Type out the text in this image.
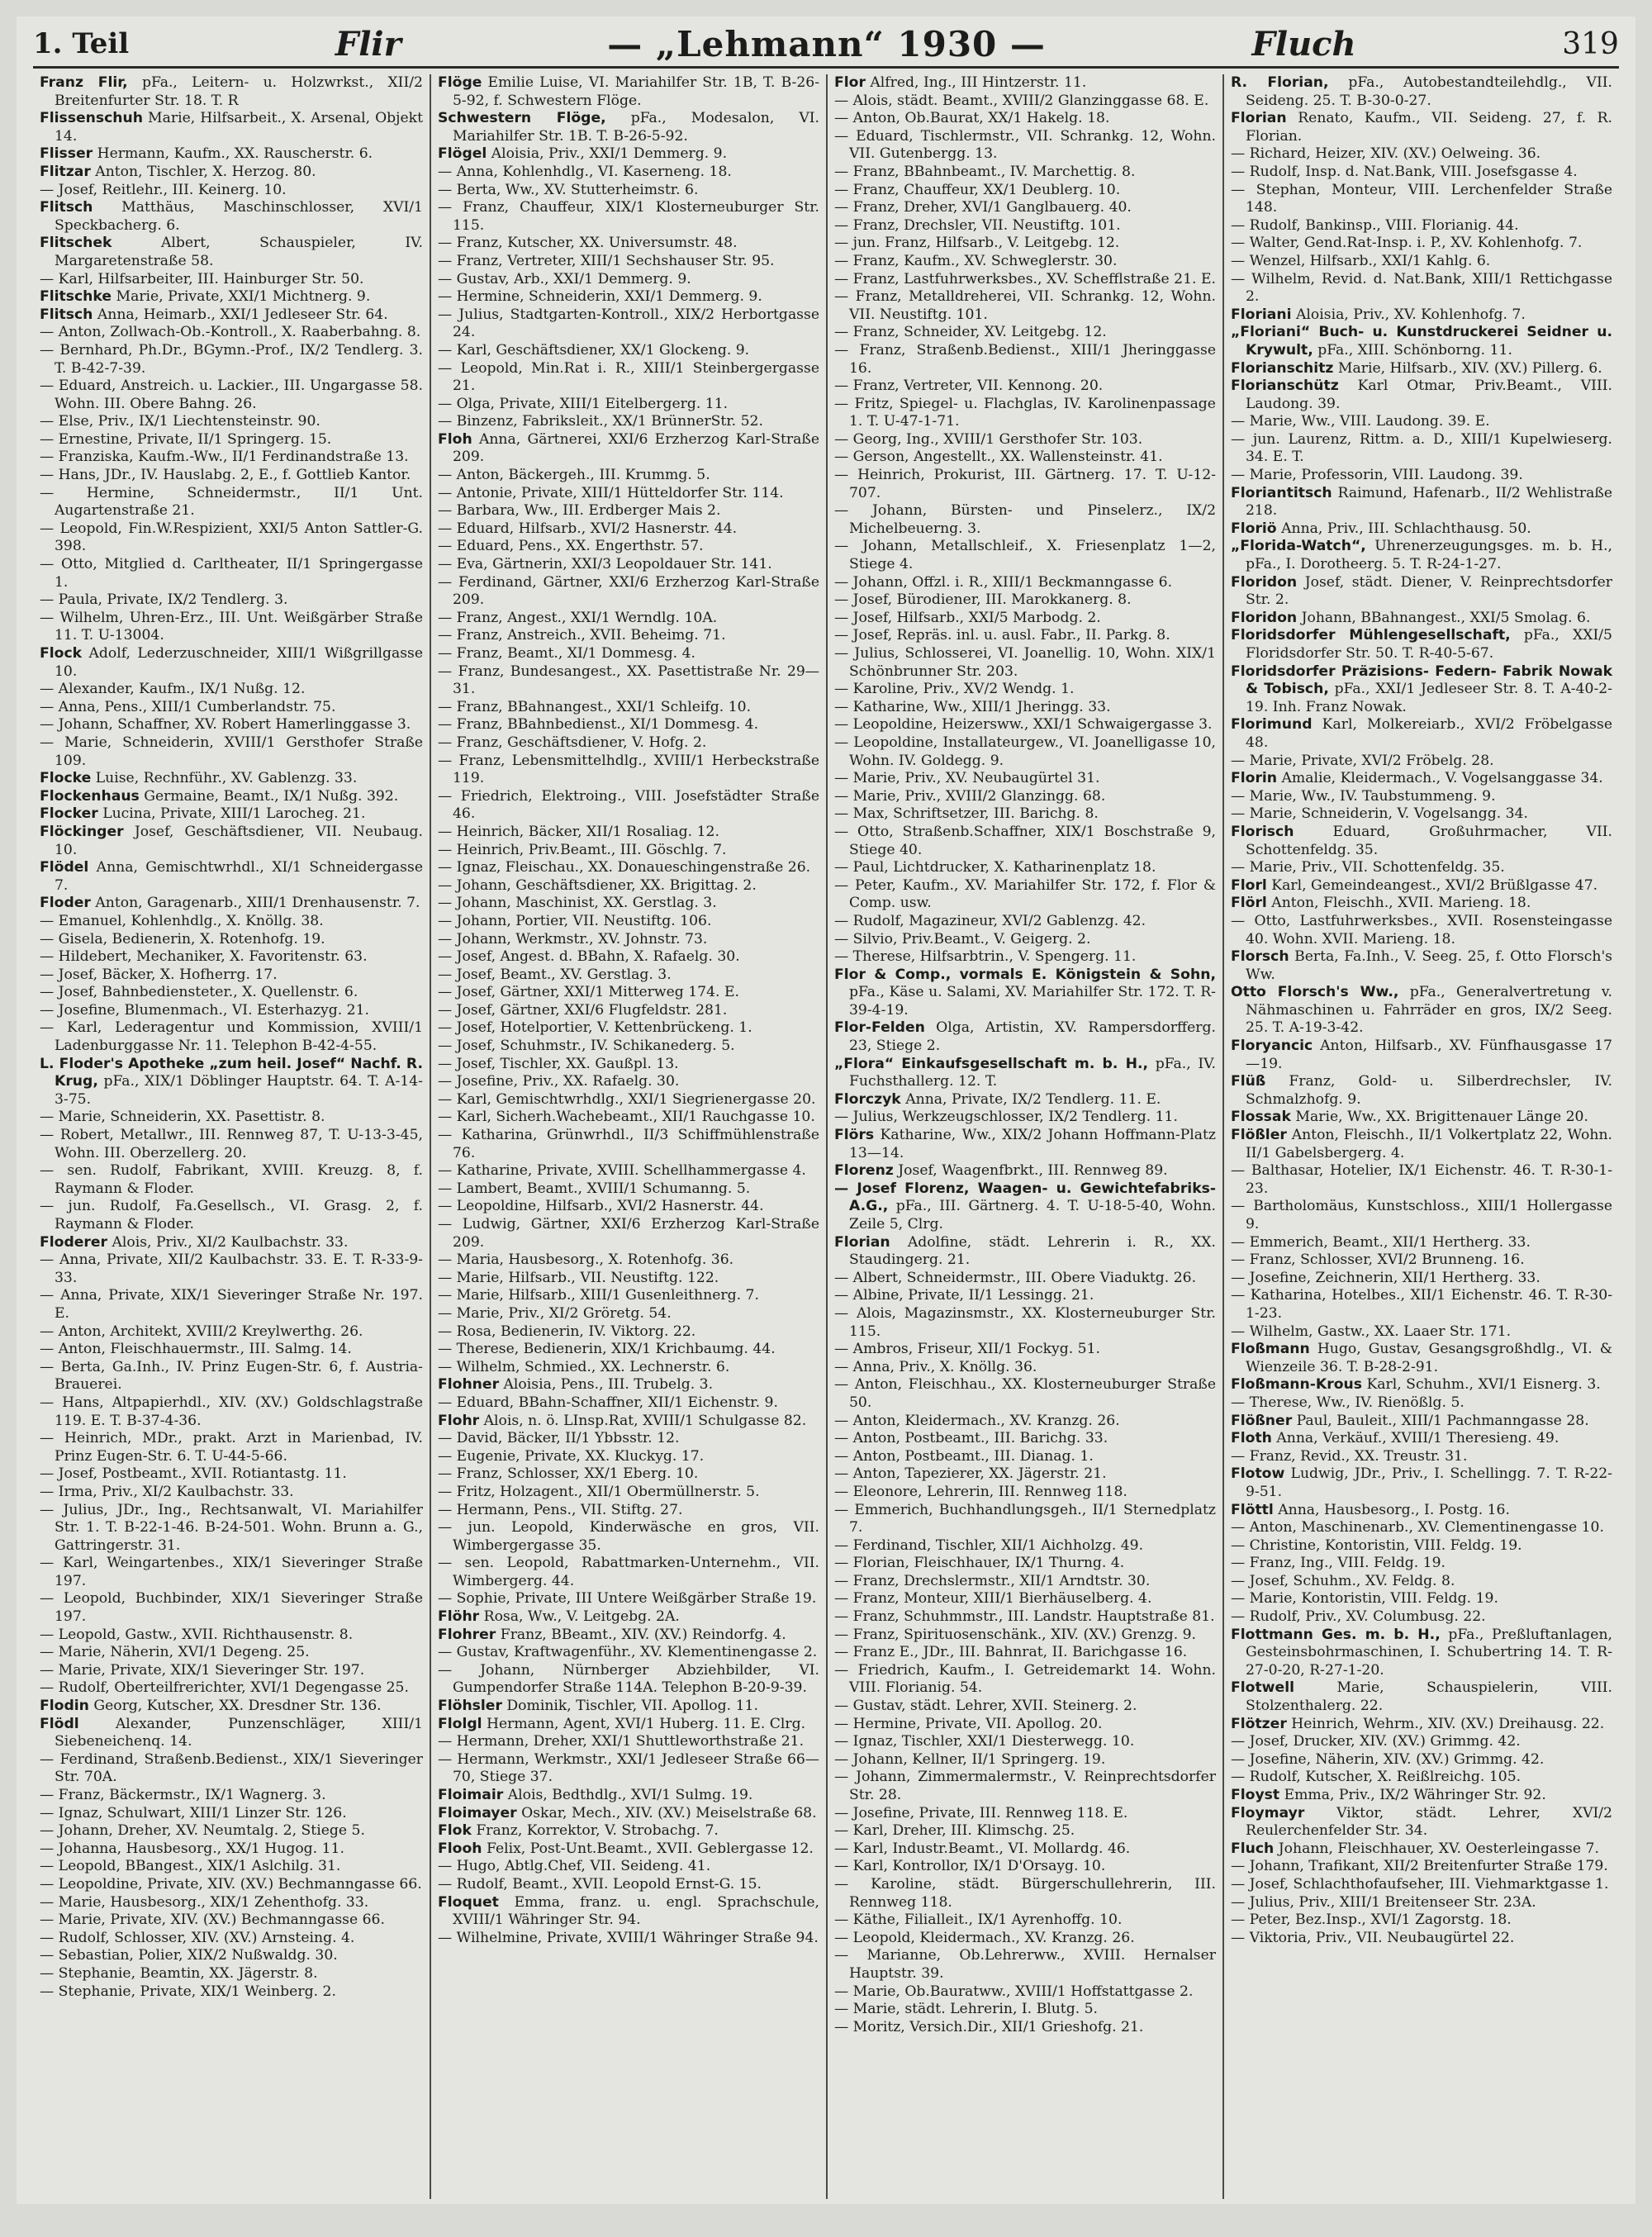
1. Teil	Flir	— „Lehmann“ 1930 —	Fluch	319

Franz Flir, pFa., Leitern- u. Holzwrkst., XII/2 Breitenfurter Str. 18. T. R

Flissenschuh Marie, Hilfsarbeit., X. Arsenal, Objekt 14.

Flisser Hermann, Kaufm., XX. Rauscherstr. 6.

Flitzar Anton, Tischler, X. Herzog. 80.

— Josef, Reitlehr., III. Keinerg. 10.

Flitsch Matthäus, Maschinschlosser, XVI/1 Speckbacherg. 6.

Flitschek	Albert, Schauspieler, IV. Margaretenstraße 58.

— Karl, Hilfsarbeiter, III. Hainburger Str. 50.

Flitschke Marie, Private, XXI/1 Michtnerg. 9.

Flitsch Anna, Heimarb., XXI/1 Jedleseer Str. 64.

— Anton, Zollwach-Ob.-Kontroll., X. Raaberbahng. 8.

— Bernhard, Ph.Dr., BGymn.-Prof., IX/2 Tendlerg. 3. T. B-42-7-39.

— Eduard, Anstreich. u. Lackier., III. Ungargasse 58. Wohn. III. Obere Bahng. 26.

— Else, Priv., IX/1 Liechtensteinstr. 90.

— Ernestine, Private, II/1 Springerg. 15.

— Franziska, Kaufm.-Ww., II/1 Ferdinandstraße 13.

— Hans, JDr., IV. Hauslabg. 2, E., f. Gottlieb Kantor.

— Hermine, Schneidermstr., II/1 Unt. Augartenstraße 21.

— Leopold, Fin.W.Respizient, XXI/5 Anton Sattler-G. 398.

— Otto, Mitglied d. Carltheater, II/1 Springergasse 1.

— Paula, Private, IX/2 Tendlerg. 3.

— Wilhelm, Uhren-Erz., III. Unt. Weißgärber Straße 11. T. U-13004.

Flock Adolf, Lederzuschneider, XIII/1 Wißgrillgasse 10.

— Alexander, Kaufm., IX/1 Nußg. 12.

— Anna, Pens., XIII/1 Cumberlandstr. 75.

— Johann, Schaffner, XV. Robert Hamerlinggasse 3.

— Marie, Schneiderin, XVIII/1 Gersthofer Straße 109.

Flocke Luise, Rechnführ., XV. Gablenzg. 33.

Flockenhaus Germaine, Beamt., IX/1 Nußg. 392.

Flocker Lucina, Private, XIII/1 Larocheg. 21.

Flöckinger Josef, Geschäftsdiener, VII. Neubaug. 10.

Flödel Anna, Gemischtwrhdl., XI/1 Schneidergasse 7.

Floder Anton, Garagenarb., XIII/1 Drenhausenstr. 7.

— Emanuel, Kohlenhdlg., X. Knöllg. 38.

— Gisela, Bedienerin, X. Rotenhofg. 19.

— Hildebert, Mechaniker, X. Favoritenstr. 63.

— Josef, Bäcker, X. Hofherrg. 17.

— Josef, Bahnbediensteter., X. Quellenstr. 6.

— Josefine, Blumenmach., VI. Esterhazyg. 21.

— Karl, Lederagentur und Kommission, XVIII/1 Ladenburggasse Nr. 11. Telephon B-42-4-55.

L. Floder's Apotheke „zum heil. Josef“ Nachf. R. Krug, pFa., XIX/1 Döblinger Hauptstr. 64. T. A-14-3-75.

— Marie, Schneiderin, XX. Pasettistr. 8.

— Robert, Metallwr., III. Rennweg 87, T. U-13-3-45, Wohn. III. Oberzellerg. 20.

— sen. Rudolf, Fabrikant, XVIII. Kreuzg. 8, f. Raymann & Floder.

— jun. Rudolf, Fa.Gesellsch., VI. Grasg. 2, f. Raymann & Floder.

Floderer Alois, Priv., XI/2 Kaulbachstr. 33.

— Anna, Private, XII/2 Kaulbachstr. 33. E. T. R-33-9-33.

— Anna, Private, XIX/1 Sieveringer Straße Nr. 197. E.

— Anton, Architekt, XVIII/2 Kreylwerthg. 26.

— Anton, Fleischhauermstr., III. Salmg. 14.

— Berta, Ga.Inh., IV. Prinz Eugen-Str. 6, f. Austria-Brauerei.

— Hans, Altpapierhdl., XIV. (XV.) Goldschlagstraße 119. E. T. B-37-4-36.

— Heinrich, MDr., prakt. Arzt in Marienbad, IV. Prinz Eugen-Str. 6. T. U-44-5-66.

— Josef, Postbeamt., XVII. Rotiantastg. 11.

— Irma, Priv., XI/2 Kaulbachstr. 33.

— Julius, JDr., Ing., Rechtsanwalt, VI. Mariahilfer Str. 1. T. B-22-1-46. B-24-501. Wohn. Brunn a. G., Gattringerstr. 31.

— Karl, Weingartenbes., XIX/1 Sieveringer Straße 197.

— Leopold, Buchbinder, XIX/1 Sieveringer Straße 197.

— Leopold, Gastw., XVII. Richthausenstr. 8.

— Marie, Näherin, XVI/1 Degeng. 25.

— Marie, Private, XIX/1 Sieveringer Str. 197.

— Rudolf, Oberteilfrerichter, XVI/1 Degengasse 25.

Flodin Georg, Kutscher, XX. Dresdner Str. 136.

Flödl	Alexander, Punzenschläger, XIII/1 Siebeneichenq. 14.

— Ferdinand, Straßenb.Bedienst., XIX/1 Sieveringer Str. 70A.

— Franz, Bäckermstr., IX/1 Wagnerg. 3.

— Ignaz, Schulwart, XIII/1 Linzer Str. 126.

— Johann, Dreher, XV. Neumtalg. 2, Stiege 5.

— Johanna, Hausbesorg., XX/1 Hugog. 11.

— Leopold, BBangest., XIX/1 Aslchilg. 31.

— Leopoldine, Private, XIV. (XV.) Bechmanngasse 66.

— Marie, Hausbesorg., XIX/1 Zehenthofg. 33.

— Marie, Private, XIV. (XV.) Bechmanngasse 66.

— Rudolf, Schlosser, XIV. (XV.) Arnsteing. 4.

— Sebastian, Polier, XIX/2 Nußwaldg. 30.

— Stephanie, Beamtin, XX. Jägerstr. 8.

— Stephanie, Private, XIX/1 Weinberg. 2.

Flöge Emilie Luise, VI. Mariahilfer Str. 1B, T. B-26-5-92, f. Schwestern Flöge.

Schwestern Flöge, pFa., Modesalon, VI. Mariahilfer Str. 1B. T. B-26-5-92.

Flögel Aloisia, Priv., XXI/1 Demmerg. 9.

— Anna, Kohlenhdlg., VI. Kaserneng. 18.

— Berta, Ww., XV. Stutterheimstr. 6.

— Franz, Chauffeur, XIX/1 Klosterneuburger Str. 115.

— Franz, Kutscher, XX. Universumstr. 48.

— Franz, Vertreter, XIII/1 Sechshauser Str. 95.

— Gustav, Arb., XXI/1 Demmerg. 9.

— Hermine, Schneiderin, XXI/1 Demmerg. 9.

— Julius, Stadtgarten-Kontroll., XIX/2 Herbortgasse 24.

— Karl, Geschäftsdiener, XX/1 Glockeng. 9.

— Leopold, Min.Rat i. R., XIII/1 Steinbergergasse 21.

— Olga, Private, XIII/1 Eitelbergerg. 11.

— Binzenz, Fabriksleit., XX/1 BrünnerStr. 52.

Floh Anna, Gärtnerei, XXI/6 Erzherzog Karl-Straße 209.

— Anton, Bäckergeh., III. Krummg. 5.

— Antonie, Private, XIII/1 Hütteldorfer Str. 114.

— Barbara, Ww., III. Erdberger Mais 2.

— Eduard, Hilfsarb., XVI/2 Hasnerstr. 44.

— Eduard, Pens., XX. Engerthstr. 57.

— Eva, Gärtnerin, XXI/3 Leopoldauer Str. 141.

— Ferdinand, Gärtner, XXI/6 Erzherzog Karl-Straße 209.

— Franz, Angest., XXI/1 Werndlg. 10A.

— Franz, Anstreich., XVII. Beheimg. 71.

— Franz, Beamt., XI/1 Dommesg. 4.

— Franz, Bundesangest., XX. Pasettistraße Nr. 29—31.

— Franz, BBahnangest., XXI/1 Schleifg. 10.

— Franz, BBahnbedienst., XI/1 Dommesg. 4.

— Franz, Geschäftsdiener, V. Hofg. 2.

— Franz, Lebensmittelhdlg., XVIII/1 Herbeckstraße 119.

— Friedrich, Elektroing., VIII. Josefstädter Straße 46.

— Heinrich, Bäcker, XII/1 Rosaliag. 12.

— Heinrich, Priv.Beamt., III. Göschlg. 7.

— Ignaz, Fleischau., XX. Donaueschingenstraße 26.

— Johann, Geschäftsdiener, XX. Brigittag. 2.

— Johann, Maschinist, XX. Gerstlag. 3.

— Johann, Portier, VII. Neustiftg. 106.

— Johann, Werkmstr., XV. Johnstr. 73.

— Josef, Angest. d. BBahn, X. Rafaelg. 30.

— Josef, Beamt., XV. Gerstlag. 3.

— Josef, Gärtner, XXI/1 Mitterweg 174. E.

— Josef, Gärtner, XXI/6 Flugfeldstr. 281.

— Josef, Hotelportier, V. Kettenbrückeng. 1.

— Josef, Schuhmstr., IV. Schikanederg. 5.

— Josef, Tischler, XX. Gaußpl. 13.

— Josefine, Priv., XX. Rafaelg. 30.

— Karl, Gemischtwrhdlg., XXI/1 Siegrienergasse 20.

— Karl, Sicherh.Wachebeamt., XII/1 Rauchgasse 10.

— Katharina, Grünwrhdl., II/3 Schiffmühlenstraße 76.

— Katharine, Private, XVIII. Schellhammergasse 4.

— Lambert, Beamt., XVIII/1 Schumanng. 5.

— Leopoldine, Hilfsarb., XVI/2 Hasnerstr. 44.

— Ludwig, Gärtner, XXI/6 Erzherzog Karl-Straße 209.

— Maria, Hausbesorg., X. Rotenhofg. 36.

— Marie, Hilfsarb., VII. Neustiftg. 122.

— Marie, Hilfsarb., XIII/1 Gusenleithnerg. 7.

— Marie, Priv., XI/2 Gröretg. 54.

— Rosa, Bedienerin, IV. Viktorg. 22.

— Therese, Bedienerin, XIX/1 Krichbaumg. 44.

— Wilhelm, Schmied., XX. Lechnerstr. 6.

Flohner Aloisia, Pens., III. Trubelg. 3.

— Eduard, BBahn-Schaffner, XII/1 Eichenstr. 9.

Flohr Alois, n. ö. LInsp.Rat, XVIII/1 Schulgasse 82.

— David, Bäcker, II/1 Ybbsstr. 12.

— Eugenie, Private, XX. Kluckyg. 17.

— Franz, Schlosser, XX/1 Eberg. 10.

— Fritz, Holzagent., XII/1 Obermüllnerstr. 5.

— Hermann, Pens., VII. Stiftg. 27.

— jun. Leopold, Kinderwäsche en gros, VII. Wimbergergasse 35.

— sen. Leopold, Rabattmarken-Unternehm., VII. Wimbergerg. 44.

— Sophie, Private, III Untere Weißgärber Straße 19.

Flöhr Rosa, Ww., V. Leitgebg. 2A.

Flohrer Franz, BBeamt., XIV. (XV.) Reindorfg. 4.

— Gustav, Kraftwagenführ., XV. Klementinengasse 2.

— Johann, Nürnberger Abziehbilder, VI. Gumpendorfer Straße 114A. Telephon B-20-9-39.

Flöhsler Dominik, Tischler, VII. Apollog. 11.

Flolgl Hermann, Agent, XVI/1 Huberg. 11. E. Clrg.

— Hermann, Dreher, XXI/1 Shuttleworthstraße 21.

— Hermann, Werkmstr., XXI/1 Jedleseer Straße 66—70, Stiege 37.

Floimair Alois, Bedthdlg., XVI/1 Sulmg. 19.

Floimayer Oskar, Mech., XIV. (XV.) Meiselstraße 68.

Flok Franz, Korrektor, V. Strobachg. 7.

Flooh Felix, Post-Unt.Beamt., XVII. Geblergasse 12.

— Hugo, Abtlg.Chef, VII. Seideng. 41.

— Rudolf, Beamt., XVII. Leopold Ernst-G. 15.

Floquet Emma, franz. u. engl. Sprachschule, XVIII/1 Währinger Str. 94.

— Wilhelmine, Private, XVIII/1 Währinger Straße 94.

Flor Alfred, Ing., III Hintzerstr. 11.

— Alois, städt. Beamt., XVIII/2 Glanzinggasse 68. E.

— Anton, Ob.Baurat, XX/1 Hakelg. 18.

— Eduard, Tischlermstr., VII. Schrankg. 12, Wohn. VII. Gutenbergg. 13.

— Franz, BBahnbeamt., IV. Marchettig. 8.

— Franz, Chauffeur, XX/1 Deublerg. 10.

— Franz, Dreher, XVI/1 Ganglbauerg. 40.

— Franz, Drechsler, VII. Neustiftg. 101.

— jun. Franz, Hilfsarb., V. Leitgebg. 12.

— Franz, Kaufm., XV. Schweglerstr. 30.

— Franz, Lastfuhrwerksbes., XV. Schefflstraße 21. E.

— Franz, Metalldreherei, VII. Schrankg. 12, Wohn. VII. Neustiftg. 101.

— Franz, Schneider, XV. Leitgebg. 12.

— Franz, Straßenb.Bedienst., XIII/1 Jheringgasse 16.

— Franz, Vertreter, VII. Kennong. 20.

— Fritz, Spiegel- u. Flachglas, IV. Karolinenpassage 1. T. U-47-1-71.

— Georg, Ing., XVIII/1 Gersthofer Str. 103.

— Gerson, Angestellt., XX. Wallensteinstr. 41.

— Heinrich, Prokurist, III. Gärtnerg. 17. T. U-12-707.

— Johann, Bürsten- und Pinselerz., IX/2 Michelbeuerng. 3.

— Johann, Metallschleif., X. Friesenplatz 1—2, Stiege 4.

— Johann, Offzl. i. R., XIII/1 Beckmanngasse 6.

— Josef, Bürodiener, III. Marokkanerg. 8.

— Josef, Hilfsarb., XXI/5 Marbodg. 2.

— Josef, Repräs. inl. u. ausl. Fabr., II. Parkg. 8.

— Julius, Schlosserei, VI. Joanellig. 10, Wohn. XIX/1 Schönbrunner Str. 203.

— Karoline, Priv., XV/2 Wendg. 1.

— Katharine, Ww., XIII/1 Jheringg. 33.

— Leopoldine, Heizersww., XXI/1 Schwaigergasse 3.

— Leopoldine, Installateurgew., VI. Joanelligasse 10, Wohn. IV. Goldegg. 9.

— Marie, Priv., XV. Neubaugürtel 31.

— Marie, Priv., XVIII/2 Glanzingg. 68.

— Max, Schriftsetzer, III. Barichg. 8.

— Otto, Straßenb.Schaffner, XIX/1 Boschstraße 9, Stiege 40.

— Paul, Lichtdrucker, X. Katharinenplatz 18.

— Peter, Kaufm., XV. Mariahilfer Str. 172, f. Flor & Comp. usw.

— Rudolf, Magazineur, XVI/2 Gablenzg. 42.

— Silvio, Priv.Beamt., V. Geigerg. 2.

— Therese, Hilfsarbtrin., V. Spengerg. 11.

Flor & Comp., vormals E. Königstein & Sohn, pFa., Käse u. Salami, XV. Mariahilfer Str. 172. T. R-39-4-19.

Flor-Felden Olga, Artistin, XV. Rampersdorfferg. 23, Stiege 2.

„Flora“ Einkaufsgesellschaft m. b. H., pFa., IV. Fuchsthallerg. 12. T.

Florczyk Anna, Private, IX/2 Tendlerg. 11. E.

— Julius, Werkzeugschlosser, IX/2 Tendlerg. 11.

Flörs Katharine, Ww., XIX/2 Johann Hoffmann-Platz 13—14.

Florenz Josef, Waagenfbrkt., III. Rennweg 89.

— Josef Florenz, Waagen- u. Gewichtefabriks-A.G., pFa., III. Gärtnerg. 4. T. U-18-5-40, Wohn. Zeile 5, Clrg.

Florian Adolfine, städt. Lehrerin i. R., XX. Staudingerg. 21.

— Albert, Schneidermstr., III. Obere Viaduktg. 26.

— Albine, Private, II/1 Lessingg. 21.

— Alois, Magazinsmstr., XX. Klosterneuburger Str. 115.

— Ambros, Friseur, XII/1 Fockyg. 51.

— Anna, Priv., X. Knöllg. 36.

— Anton, Fleischhau., XX. Klosterneuburger Straße 50.

— Anton, Kleidermach., XV. Kranzg. 26.

— Anton, Postbeamt., III. Barichg. 33.

— Anton, Postbeamt., III. Dianag. 1.

— Anton, Tapezierer, XX. Jägerstr. 21.

— Eleonore, Lehrerin, III. Rennweg 118.

— Emmerich, Buchhandlungsgeh., II/1 Sternedplatz 7.

— Ferdinand, Tischler, XII/1 Aichholzg. 49.

— Florian, Fleischhauer, IX/1 Thurng. 4.

— Franz, Drechslermstr., XII/1 Arndtstr. 30.

— Franz, Monteur, XIII/1 Bierhäuselberg. 4.

— Franz, Schuhmmstr., III. Landstr. Hauptstraße 81.

— Franz, Spirituosenschänk., XIV. (XV.) Grenzg. 9.

— Franz E., JDr., III. Bahnrat, II. Barichgasse 16.

— Friedrich, Kaufm., I. Getreidemarkt 14. Wohn. VIII. Florianig. 54.

— Gustav, städt. Lehrer, XVII. Steinerg. 2.

— Hermine, Private, VII. Apollog. 20.

— Ignaz, Tischler, XXI/1 Diesterwegg. 10.

— Johann, Kellner, II/1 Springerg. 19.

— Johann, Zimmermalermstr., V. Reinprechtsdorfer Str. 28.

— Josefine, Private, III. Rennweg 118. E.

— Karl, Dreher, III. Klimschg. 25.

— Karl, Industr.Beamt., VI. Mollardg. 46.

— Karl, Kontrollor, IX/1 D'Orsayg. 10.

— Karoline, städt. Bürgerschullehrerin, III. Rennweg 118.

— Käthe, Filialleit., IX/1 Ayrenhoffg. 10.

— Leopold, Kleidermach., XV. Kranzg. 26.

— Marianne, Ob.Lehrerww., XVIII. Hernalser Hauptstr. 39.

— Marie, Ob.Bauratww., XVIII/1 Hoffstattgasse 2.

— Marie, städt. Lehrerin, I. Blutg. 5.

— Moritz, Versich.Dir., XII/1 Grieshofg. 21.

R. Florian, pFa., Autobestandteilehdlg., VII. Seideng. 25. T. B-30-0-27.

Florian Renato, Kaufm., VII. Seideng. 27, f. R. Florian.

— Richard, Heizer, XIV. (XV.) Oelweing. 36.

— Rudolf, Insp. d. Nat.Bank, VIII. Josefsgasse 4.

— Stephan, Monteur, VIII. Lerchenfelder Straße 148.

— Rudolf, Bankinsp., VIII. Florianig. 44.

— Walter, Gend.Rat-Insp. i. P., XV. Kohlenhofg. 7.

— Wenzel, Hilfsarb., XXI/1 Kahlg. 6.

— Wilhelm, Revid. d. Nat.Bank, XIII/1 Rettichgasse 2.

Floriani Aloisia, Priv., XV. Kohlenhofg. 7.

„Floriani“ Buch- u. Kunstdruckerei Seidner u. Krywult, pFa., XIII. Schönborng. 11.

Florianschitz Marie, Hilfsarb., XIV. (XV.) Pillerg. 6.

Florianschütz Karl Otmar, Priv.Beamt., VIII. Laudong. 39.

— Marie, Ww., VIII. Laudong. 39. E.

— jun. Laurenz, Rittm. a. D., XIII/1 Kupelwieserg. 34. E. T.

— Marie, Professorin, VIII. Laudong. 39.

Floriantitsch Raimund, Hafenarb., II/2 Wehlistraße 218.

Floriö Anna, Priv., III. Schlachthausg. 50.

„Florida-Watch“, Uhrenerzeugungsges. m. b. H., pFa., I. Dorotheerg. 5. T. R-24-1-27.

Floridon Josef, städt. Diener, V. Reinprechtsdorfer Str. 2.

Floridon Johann, BBahnangest., XXI/5 Smolag. 6.

Floridsdorfer Mühlengesellschaft, pFa., XXI/5 Floridsdorfer Str. 50. T. R-40-5-67.

Floridsdorfer Präzisions- Federn- Fabrik Nowak & Tobisch, pFa., XXI/1 Jedleseer Str. 8. T. A-40-2-19. Inh. Franz Nowak.

Florimund Karl, Molkereiarb., XVI/2 Fröbelgasse 48.

— Marie, Private, XVI/2 Fröbelg. 28.

Florin Amalie, Kleidermach., V. Vogelsanggasse 34.

— Marie, Ww., IV. Taubstummeng. 9.

— Marie, Schneiderin, V. Vogelsangg. 34.

Florisch	Eduard, Großuhrmacher, VII. Schottenfeldg. 35.

— Marie, Priv., VII. Schottenfeldg. 35.

Florl Karl, Gemeindeangest., XVI/2 Brüßlgasse 47.

Flörl Anton, Fleischh., XVII. Marieng. 18.

— Otto, Lastfuhrwerksbes., XVII. Rosensteingasse 40. Wohn. XVII. Marieng. 18.

Florsch Berta, Fa.Inh., V. Seeg. 25, f. Otto Florsch's Ww.

Otto Florsch's Ww., pFa., Generalvertretung v. Nähmaschinen u. Fahrräder en gros, IX/2 Seeg. 25. T. A-19-3-42.

Floryancic Anton, Hilfsarb., XV. Fünfhausgasse 17—19.

Flüß Franz, Gold- u. Silberdrechsler, IV. Schmalzhofg. 9.

Flossak Marie, Ww., XX. Brigittenauer Länge 20.

Flößler Anton, Fleischh., II/1 Volkertplatz 22, Wohn. II/1 Gabelsbergerg. 4.

— Balthasar, Hotelier, IX/1 Eichenstr. 46. T. R-30-1-23.

— Bartholomäus, Kunstschloss., XIII/1 Hollergasse 9.

— Emmerich, Beamt., XII/1 Hertherg. 33.

— Franz, Schlosser, XVI/2 Brunneng. 16.

— Josefine, Zeichnerin, XII/1 Hertherg. 33.

— Katharina, Hotelbes., XII/1 Eichenstr. 46. T. R-30-1-23.

— Wilhelm, Gastw., XX. Laaer Str. 171.

Floßmann Hugo, Gustav, Gesangsgroßhdlg., VI. & Wienzeile 36. T. B-28-2-91.

Floßmann-Krous Karl, Schuhm., XVI/1 Eisnerg. 3.

— Therese, Ww., IV. Rienößlg. 5.

Flößner Paul, Bauleit., XIII/1 Pachmanngasse 28.

Floth Anna, Verkäuf., XVIII/1 Theresieng. 49.

— Franz, Revid., XX. Treustr. 31.

Flotow Ludwig, JDr., Priv., I. Schellingg. 7. T. R-22-9-51.

Flöttl Anna, Hausbesorg., I. Postg. 16.

— Anton, Maschinenarb., XV. Clementinengasse 10.

— Christine, Kontoristin, VIII. Feldg. 19.

— Franz, Ing., VIII. Feldg. 19.

— Josef, Schuhm., XV. Feldg. 8.

— Marie, Kontoristin, VIII. Feldg. 19.

— Rudolf, Priv., XV. Columbusg. 22.

Flottmann Ges. m. b. H., pFa., Preßluftanlagen, Gesteinsbohrmaschinen, I. Schubertring 14. T. R-27-0-20, R-27-1-20.

Flotwell	Marie, Schauspielerin, VIII. Stolzenthalerg. 22.

Flötzer Heinrich, Wehrm., XIV. (XV.) Dreihausg. 22.

— Josef, Drucker, XIV. (XV.) Grimmg. 42.

— Josefine, Näherin, XIV. (XV.) Grimmg. 42.

— Rudolf, Kutscher, X. Reißlreichg. 105.

Floyst Emma, Priv., IX/2 Währinger Str. 92.

Floymayr Viktor, städt. Lehrer, XVI/2 Reulerchenfelder Str. 34.

Fluch Johann, Fleischhauer, XV. Oesterleingasse 7.

— Johann, Trafikant, XII/2 Breitenfurter Straße 179.

— Josef, Schlachthofaufseher, III. Viehmarktgasse 1.

— Julius, Priv., XIII/1 Breitenseer Str. 23A.

— Peter, Bez.Insp., XVI/1 Zagorstg. 18.

— Viktoria, Priv., VII. Neubaugürtel 22.
